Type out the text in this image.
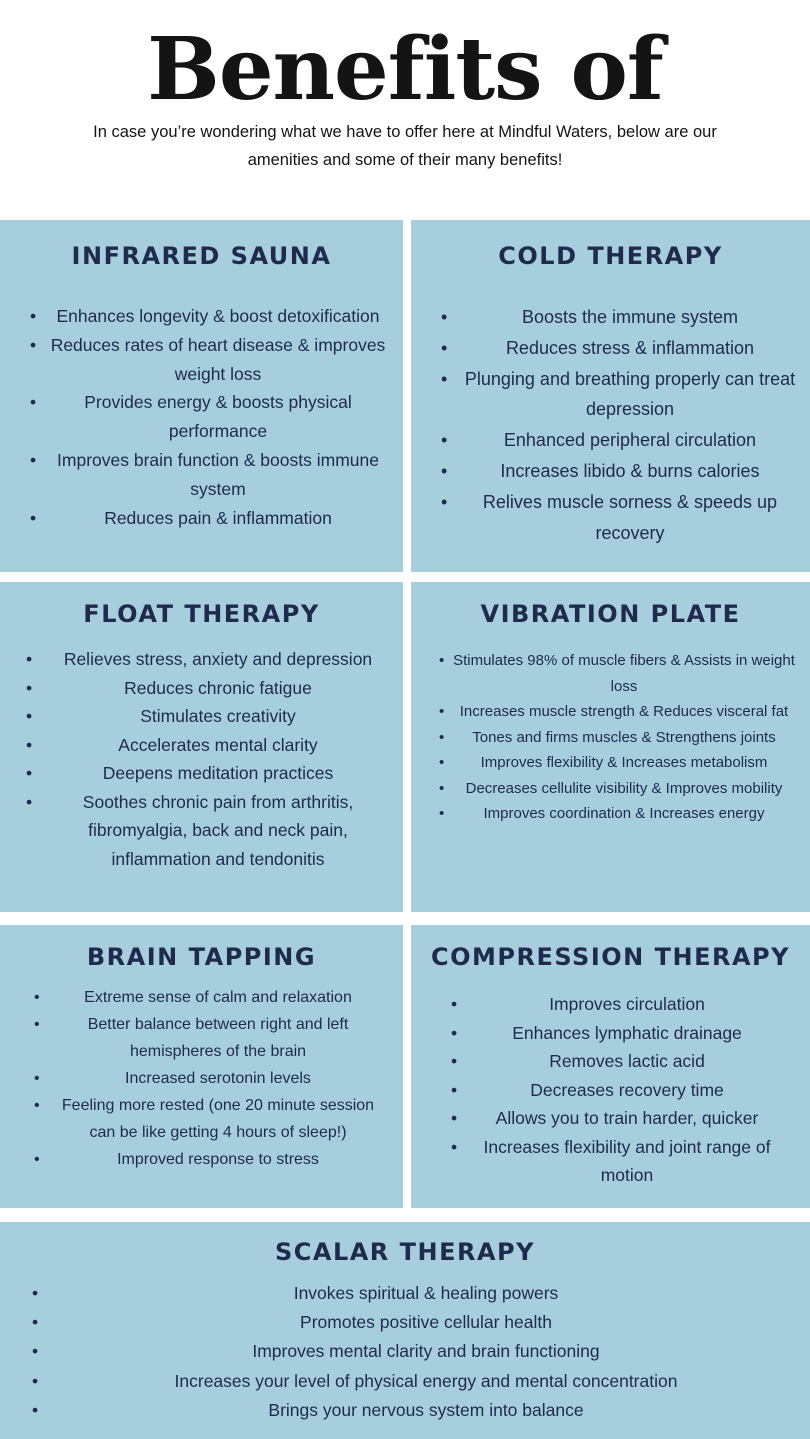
Benefits of
In case you’re wondering what we have to offer here at Mindful Waters, below are our amenities and some of their many benefits!
INFRARED SAUNA
• Enhances longevity & boost detoxification
• Reduces rates of heart disease & improves weight loss
• Provides energy & boosts physical performance
• Improves brain function & boosts immune system
• Reduces pain & inflammation
COLD THERAPY
• Boosts the immune system
• Reduces stress & inflammation
• Plunging and breathing properly can treat depression
• Enhanced peripheral circulation
• Increases libido & burns calories
• Relives muscle sorness & speeds up recovery
FLOAT THERAPY
• Relieves stress, anxiety and depression
• Reduces chronic fatigue
• Stimulates creativity
• Accelerates mental clarity
• Deepens meditation practices
• Soothes chronic pain from arthritis, fibromyalgia, back and neck pain, inflammation and tendonitis
VIBRATION PLATE
• Stimulates 98% of muscle fibers & Assists in weight loss
• Increases muscle strength & Reduces visceral fat
• Tones and firms muscles & Strengthens joints
• Improves flexibility & Increases metabolism
• Decreases cellulite visibility & Improves mobility
• Improves coordination & Increases energy
BRAIN TAPPING
• Extreme sense of calm and relaxation
• Better balance between right and left hemispheres of the brain
• Increased serotonin levels
• Feeling more rested (one 20 minute session can be like getting 4 hours of sleep!)
• Improved response to stress
COMPRESSION THERAPY
• Improves circulation
• Enhances lymphatic drainage
• Removes lactic acid
• Decreases recovery time
• Allows you to train harder, quicker
• Increases flexibility and joint range of motion
SCALAR THERAPY
• Invokes spiritual & healing powers
• Promotes positive cellular health
• Improves mental clarity and brain functioning
• Increases your level of physical energy and mental concentration
• Brings your nervous system into balance
